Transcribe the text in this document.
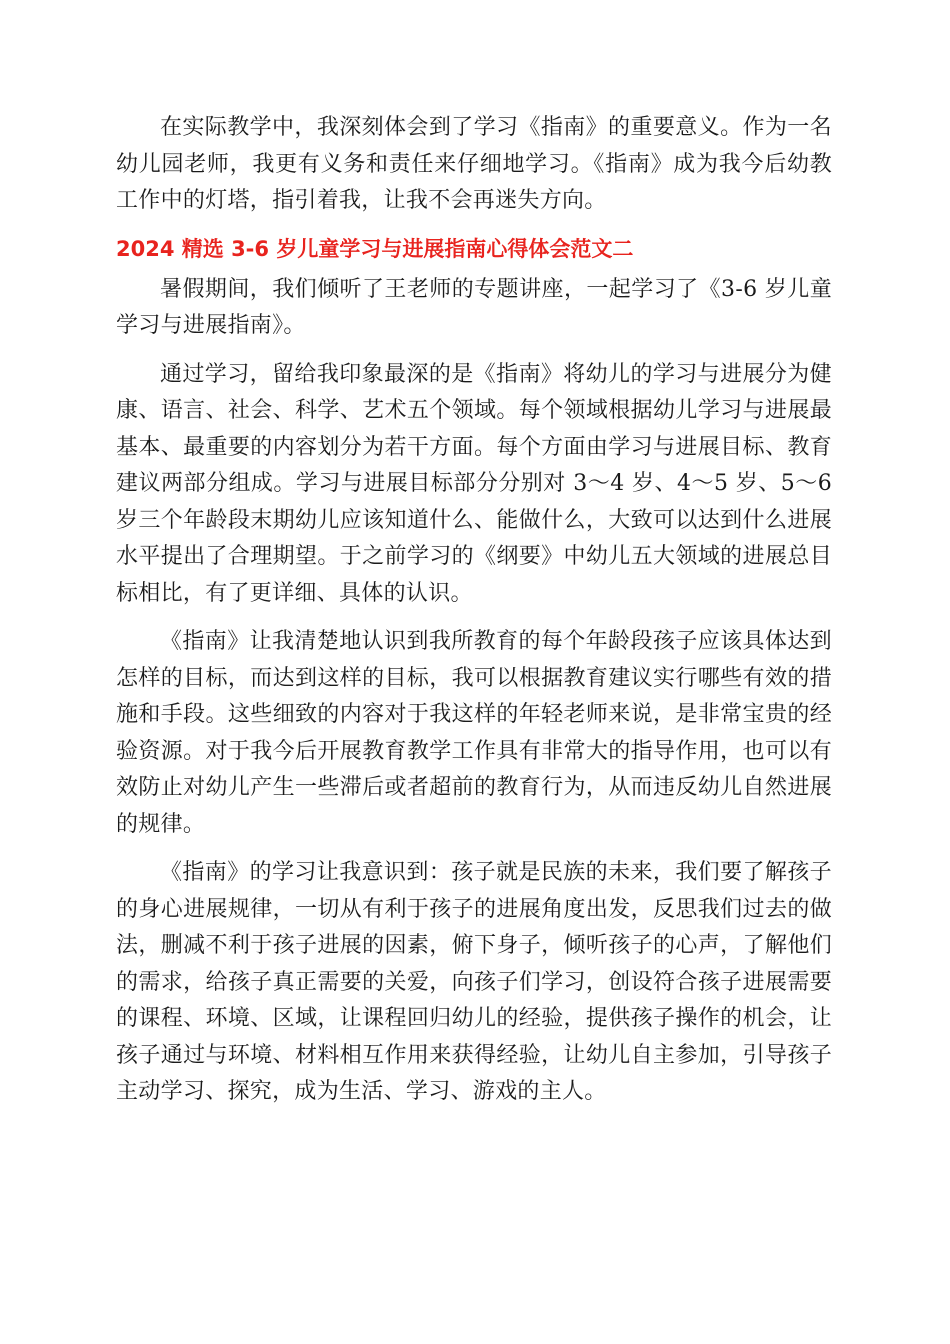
在实际教学中，我深刻体会到了学习《指南》的重要意义。作为一名幼儿园老师，我更有义务和责任来仔细地学习。《指南》成为我今后幼教工作中的灯塔，指引着我，让我不会再迷失方向。

2024 精选 3-6 岁儿童学习与进展指南心得体会范文二

暑假期间，我们倾听了王老师的专题讲座，一起学习了《3-6 岁儿童学习与进展指南》。

通过学习，留给我印象最深的是《指南》将幼儿的学习与进展分为健康、语言、社会、科学、艺术五个领域。每个领域根据幼儿学习与进展最基本、最重要的内容划分为若干方面。每个方面由学习与进展目标、教育建议两部分组成。学习与进展目标部分分别对 3～4 岁、4～5 岁、5～6 岁三个年龄段末期幼儿应该知道什么、能做什么，大致可以达到什么进展水平提出了合理期望。于之前学习的《纲要》中幼儿五大领域的进展总目标相比，有了更详细、具体的认识。

《指南》让我清楚地认识到我所教育的每个年龄段孩子应该具体达到怎样的目标，而达到这样的目标，我可以根据教育建议实行哪些有效的措施和手段。这些细致的内容对于我这样的年轻老师来说，是非常宝贵的经验资源。对于我今后开展教育教学工作具有非常大的指导作用，也可以有效防止对幼儿产生一些滞后或者超前的教育行为，从而违反幼儿自然进展的规律。

《指南》的学习让我意识到：孩子就是民族的未来，我们要了解孩子的身心进展规律，一切从有利于孩子的进展角度出发，反思我们过去的做法，删减不利于孩子进展的因素，俯下身子，倾听孩子的心声，了解他们的需求，给孩子真正需要的关爱，向孩子们学习，创设符合孩子进展需要的课程、环境、区域，让课程回归幼儿的经验，提供孩子操作的机会，让孩子通过与环境、材料相互作用来获得经验，让幼儿自主参加，引导孩子主动学习、探究，成为生活、学习、游戏的主人。
